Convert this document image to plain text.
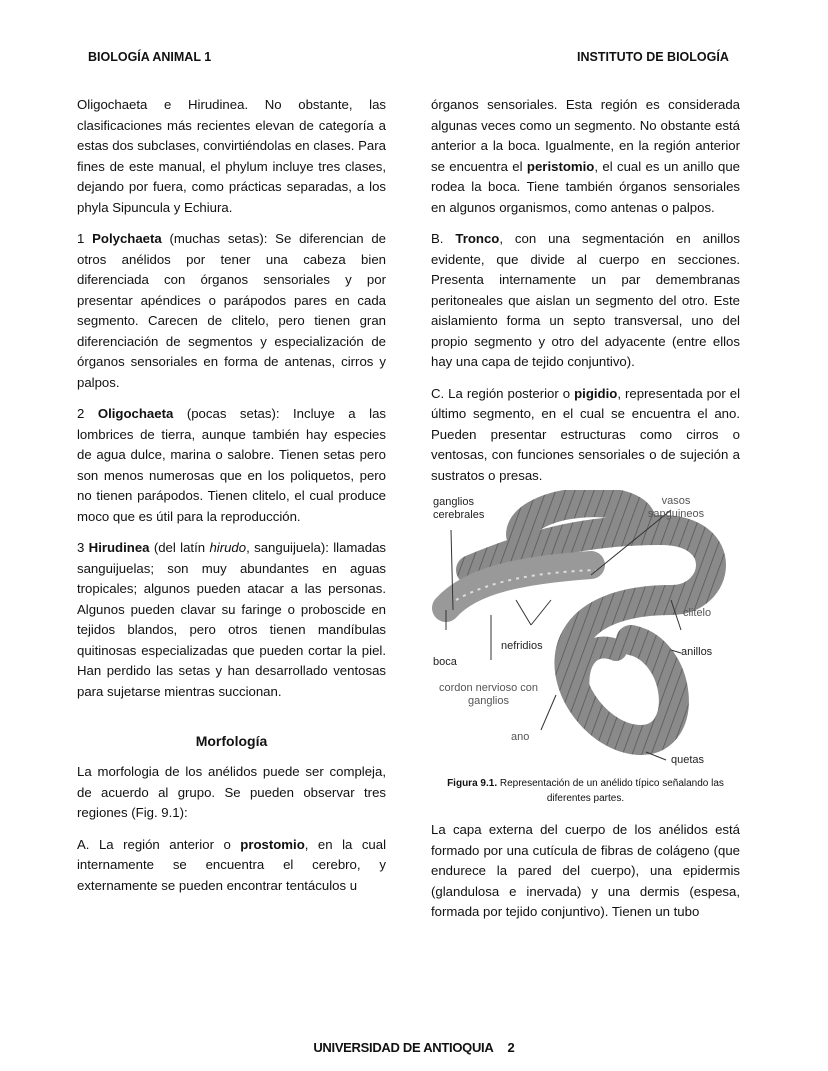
BIOLOGÍA ANIMAL 1	INSTITUTO DE BIOLOGÍA

Oligochaeta e Hirudinea. No obstante, las clasificaciones más recientes elevan de categoría a estas dos subclases, convirtiéndolas en clases. Para fines de este manual, el phylum incluye tres clases, dejando por fuera, como prácticas separadas, a los phyla Sipuncula y Echiura.

1 Polychaeta (muchas setas): Se diferencian de otros anélidos por tener una cabeza bien diferenciada con órganos sensoriales y por presentar apéndices o parápodos pares en cada segmento. Carecen de clitelo, pero tienen gran diferenciación de segmentos y especialización de órganos sensoriales en forma de antenas, cirros y palpos.

2 Oligochaeta (pocas setas): Incluye a las lombrices de tierra, aunque también hay especies de agua dulce, marina o salobre. Tienen setas pero son menos numerosas que en los poliquetos, pero no tienen parápodos. Tienen clitelo, el cual produce moco que es útil para la reproducción.

3 Hirudinea (del latín hirudo, sanguijuela): llamadas sanguijuelas; son muy abundantes en aguas tropicales; algunos pueden atacar a las personas. Algunos pueden clavar su faringe o proboscide en tejidos blandos, pero otros tienen mandíbulas quitinosas especializadas que pueden cortar la piel. Han perdido las setas y han desarrollado ventosas para sujetarse mientras succionan.

Morfología

La morfologia de los anélidos puede ser compleja, de acuerdo al grupo. Se pueden observar tres regiones (Fig. 9.1):

A. La región anterior o prostomio, en la cual internamente se encuentra el cerebro, y externamente se pueden encontrar tentáculos u

órganos sensoriales. Esta región es considerada algunas veces como un segmento. No obstante está anterior a la boca. Igualmente, en la región anterior se encuentra el peristomio, el cual es un anillo que rodea la boca. Tiene también órganos sensoriales en algunos organismos, como antenas o palpos.

B. Tronco, con una segmentación en anillos evidente, que divide al cuerpo en secciones. Presenta internamente un par demembranas peritoneales que aislan un segmento del otro. Este aislamiento forma un septo transversal, uno del propio segmento y otro del adyacente (entre ellos hay una capa de tejido conjuntivo).

C. La región posterior o pigidio, representada por el último segmento, en el cual se encuentra el ano. Pueden presentar estructuras como cirros o ventosas, con funciones sensoriales o de sujeción a sustratos o presas.

ganglios cerebrales
vasos sanguineos
clitelo
nefridios	anillos
boca
cordon nervioso con ganglios
ano
quetas
Figura 9.1. Representación de un anélido típico señalando las diferentes partes.

La capa externa del cuerpo de los anélidos está formado por una cutícula de fibras de colágeno (que endurece la pared del cuerpo), una epidermis (glandulosa e inervada) y una dermis (espesa, formada por tejido conjuntivo). Tienen un tubo

UNIVERSIDAD DE ANTIOQUIA 2
